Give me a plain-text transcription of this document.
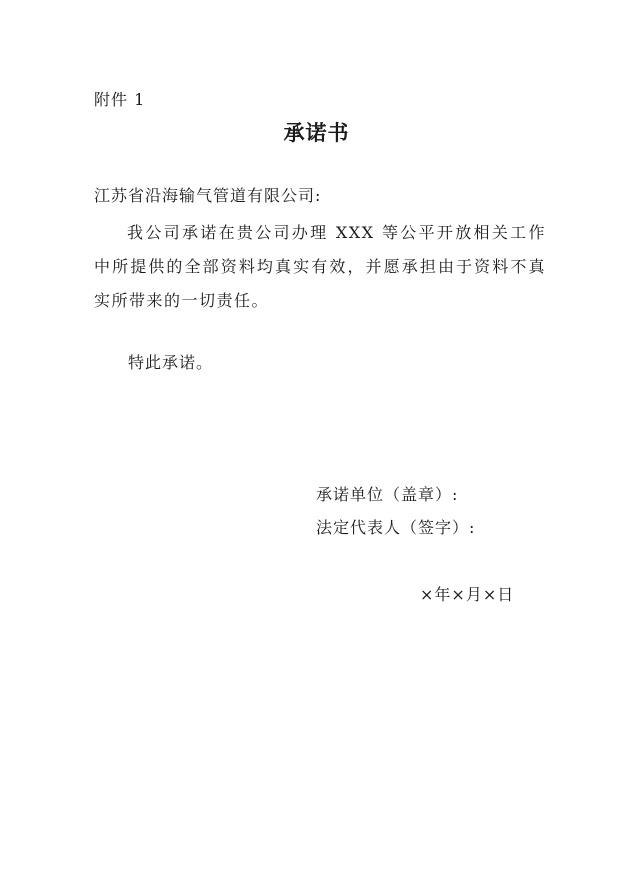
附件 1
承诺书
江苏省沿海输气管道有限公司:
我公司承诺在贵公司办理 XXX 等公平开放相关工作中所提供的全部资料均真实有效，并愿承担由于资料不真实所带来的一切责任。
特此承诺。
承诺单位（盖章）:
法定代表人（签字）:
×年×月×日
